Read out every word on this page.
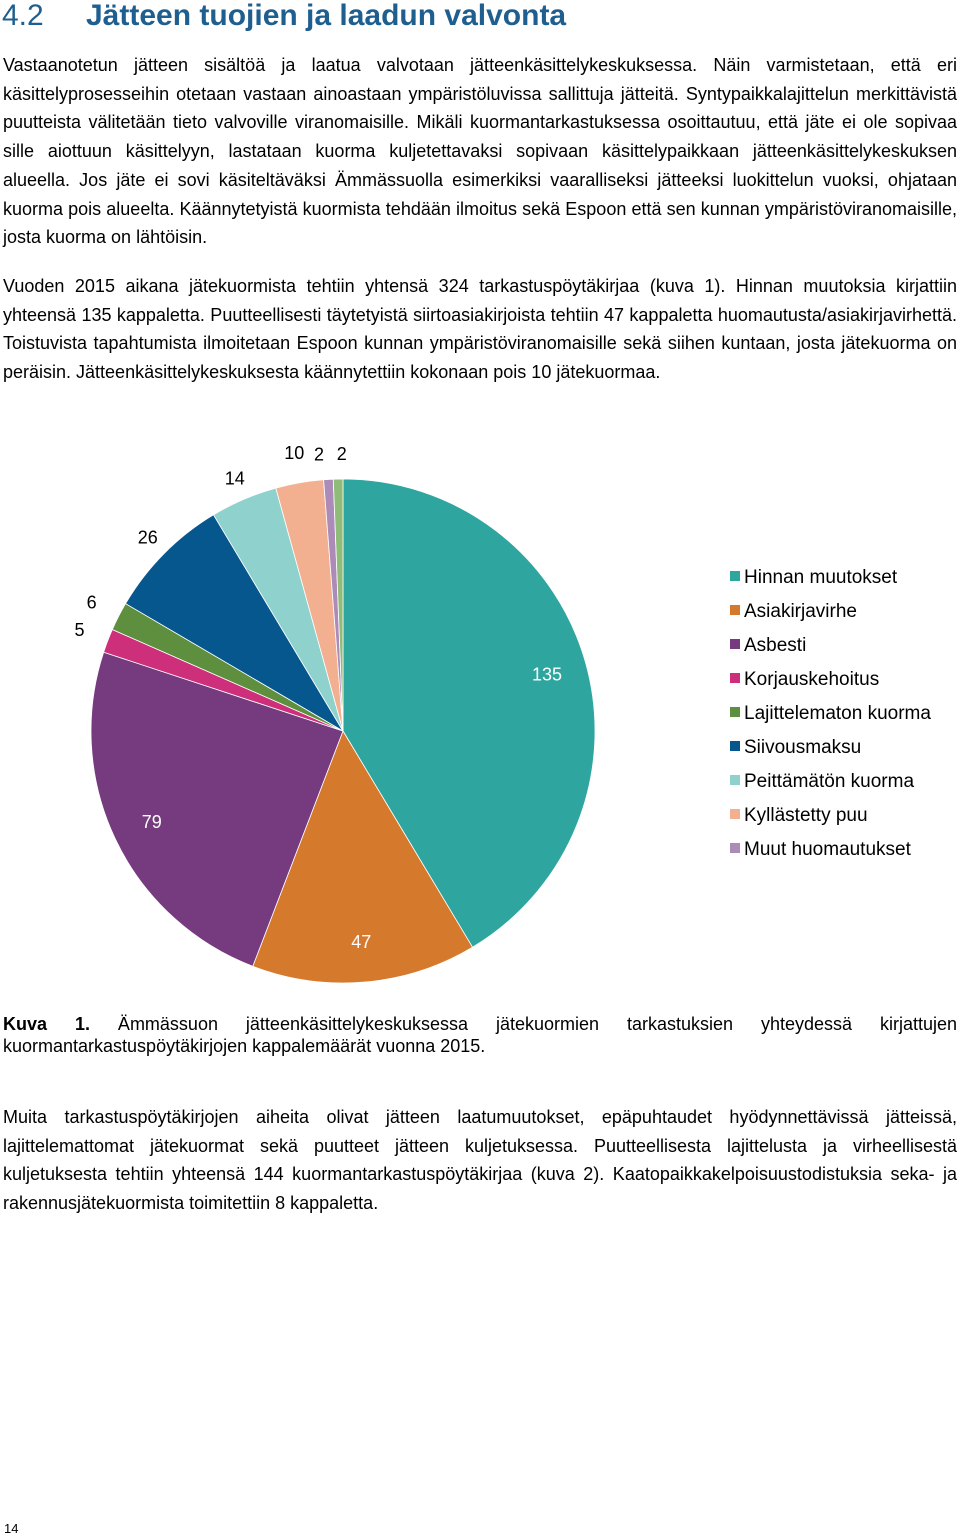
4.2 Jätteen tuojien ja laadun valvonta

Vastaanotetun jätteen sisältöä ja laatua valvotaan jätteenkäsittelykeskuksessa. Näin varmistetaan, että eri käsittelyprosesseihin otetaan vastaan ainoastaan ympäristöluvissa sallittuja jätteitä. Syntypaikkalajittelun merkittävistä puutteista välitetään tieto valvoville viranomaisille. Mikäli kuormantarkastuksessa osoittautuu, että jäte ei ole sopivaa sille aiottuun käsittelyyn, lastataan kuorma kuljetettavaksi sopivaan käsittelypaikkaan jätteenkäsittelykeskuksen alueella. Jos jäte ei sovi käsiteltäväksi Ämmässuolla esimerkiksi vaaralliseksi jätteeksi luokittelun vuoksi, ohjataan kuorma pois alueelta. Käännytetyistä kuormista tehdään ilmoitus sekä Espoon että sen kunnan ympäristöviranomaisille, josta kuorma on lähtöisin.

Vuoden 2015 aikana jätekuormista tehtiin yhtensä 324 tarkastuspöytäkirjaa (kuva 1). Hinnan muutoksia kirjattiin yhteensä 135 kappaletta. Puutteellisesti täytetyistä siirtoasiakirjoista tehtiin 47 kappaletta huomautusta/asiakirjavirhettä. Toistuvista tapahtumista ilmoitetaan Espoon kunnan ympäristöviranomaisille sekä siihen kuntaan, josta jätekuorma on peräisin. Jätteenkäsittelykeskuksesta käännytettiin kokonaan pois 10 jätekuormaa.

135
47
79
5
6
26
14
10 2 2
Hinnan muutokset
Asiakirjavirhe
Asbesti
Korjauskehoitus
Lajittelematon kuorma
Siivousmaksu
Peittämätön kuorma
Kyllästetty puu
Muut huomautukset

Kuva 1. Ämmässuon jätteenkäsittelykeskuksessa jätekuormien tarkastuksien yhteydessä kirjattujen kuormantarkastuspöytäkirjojen kappalemäärät vuonna 2015.

Muita tarkastuspöytäkirjojen aiheita olivat jätteen laatumuutokset, epäpuhtaudet hyödynnettävissä jätteissä, lajittelemattomat jätekuormat sekä puutteet jätteen kuljetuksessa. Puutteellisesta lajittelusta ja virheellisestä kuljetuksesta tehtiin yhteensä 144 kuormantarkastuspöytäkirjaa (kuva 2). Kaatopaikkakelpoisuustodistuksia seka- ja rakennusjätekuormista toimitettiin 8 kappaletta.

14
